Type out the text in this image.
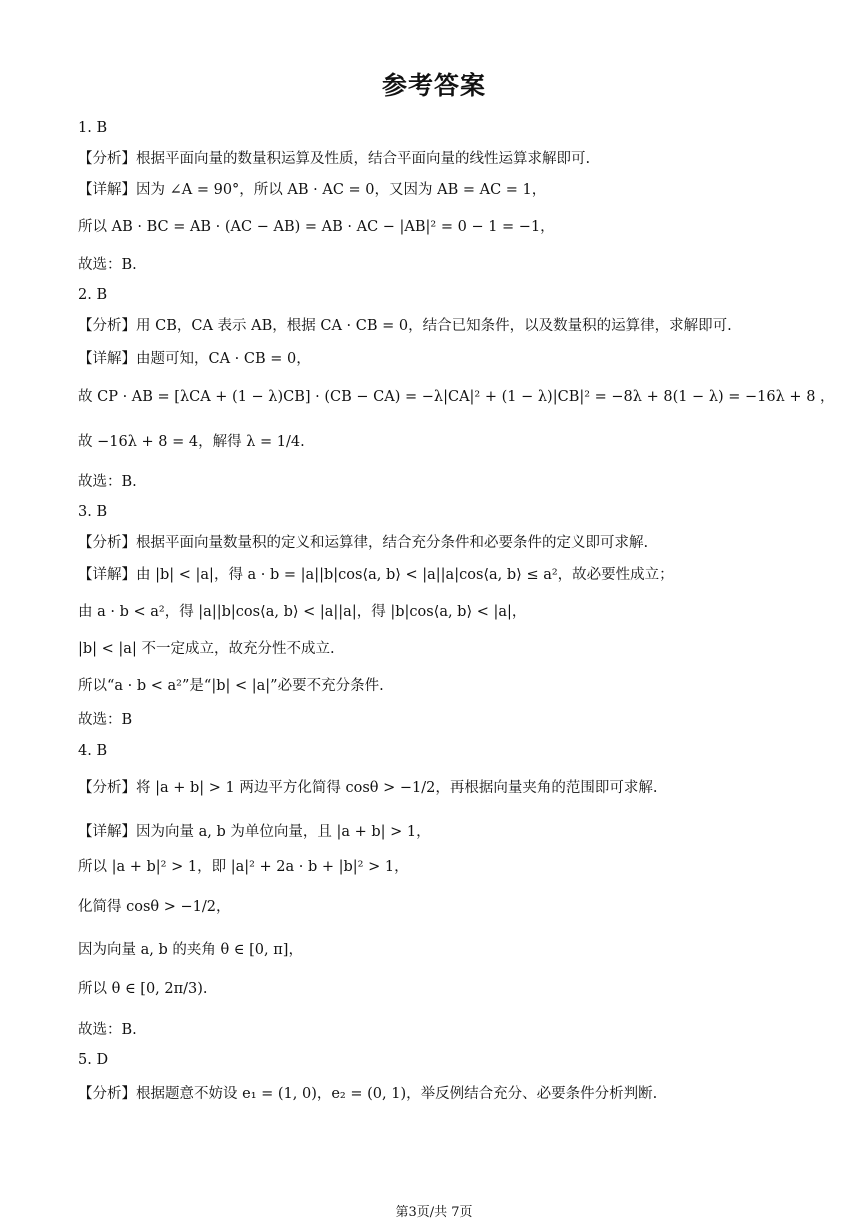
参考答案
1. B
【分析】根据平面向量的数量积运算及性质，结合平面向量的线性运算求解即可.
【详解】因为 ∠A = 90°，所以 AB · AC = 0，又因为 AB = AC = 1，
所以 AB · BC = AB · (AC − AB) = AB · AC − |AB|² = 0 − 1 = −1，
故选：B.
2. B
【分析】用 CB，CA 表示 AB，根据 CA · CB = 0，结合已知条件，以及数量积的运算律，求解即可.
【详解】由题可知，CA · CB = 0，
故 CP · AB = [λCA + (1 − λ)CB] · (CB − CA) = −λ|CA|² + (1 − λ)|CB|² = −8λ + 8(1 − λ) = −16λ + 8 ，
故 −16λ + 8 = 4，解得 λ = 1/4.
故选：B.
3. B
【分析】根据平面向量数量积的定义和运算律，结合充分条件和必要条件的定义即可求解.
【详解】由 |b| < |a|，得 a · b = |a||b|cos⟨a, b⟩ < |a||a|cos⟨a, b⟩ ≤ a²，故必要性成立；
由 a · b < a²，得 |a||b|cos⟨a, b⟩ < |a||a|，得 |b|cos⟨a, b⟩ < |a|，
|b| < |a| 不一定成立，故充分性不成立.
所以“a · b < a²”是“|b| < |a|”必要不充分条件.
故选：B
4. B
【分析】将 |a + b| > 1 两边平方化简得 cosθ > −1/2，再根据向量夹角的范围即可求解.
【详解】因为向量 a, b 为单位向量，且 |a + b| > 1，
所以 |a + b|² > 1，即 |a|² + 2a · b + |b|² > 1，
化简得 cosθ > −1/2，
因为向量 a, b 的夹角 θ ∈ [0, π]，
所以 θ ∈ [0, 2π/3).
故选：B.
5. D
【分析】根据题意不妨设 e₁ = (1, 0)，e₂ = (0, 1)，举反例结合充分、必要条件分析判断.
第3页/共 7页
